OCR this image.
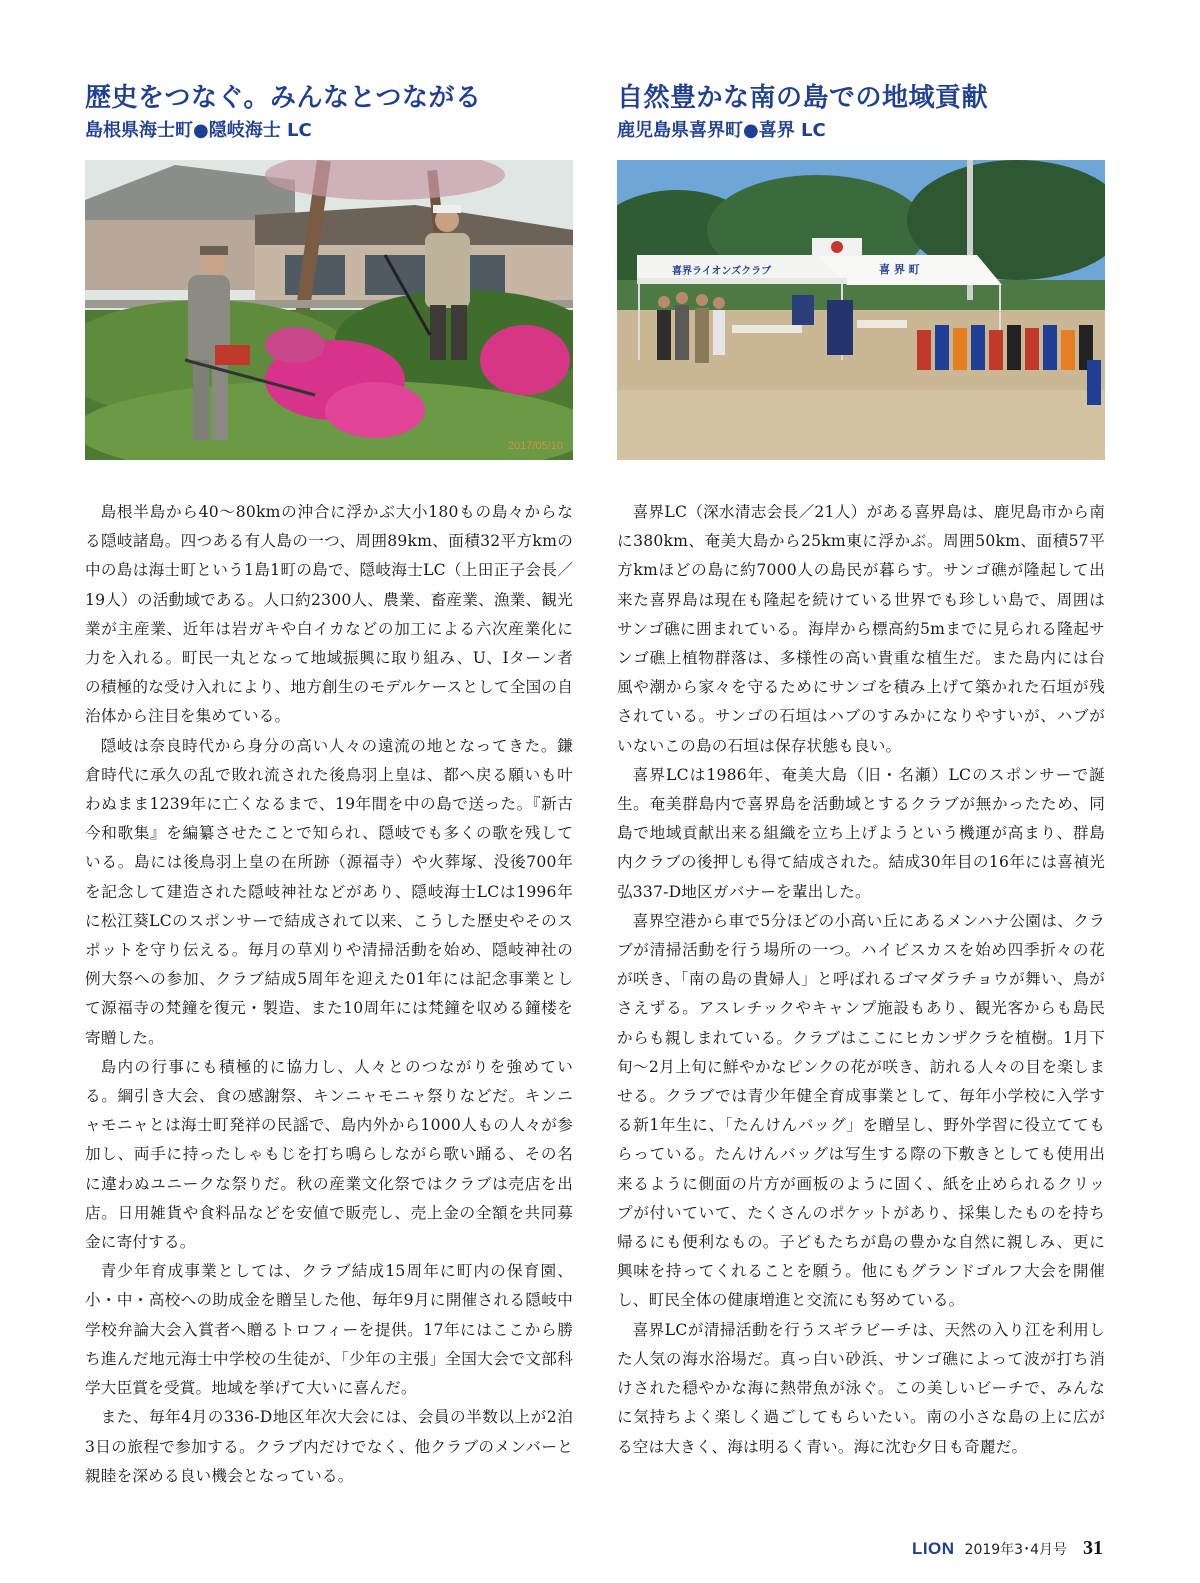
歴史をつなぐ。みんなとつながる
島根県海士町●隠岐海士 LC
2017/05/10

島根半島から40〜80kmの沖合に浮かぶ大小180もの島々からなる隠岐諸島。四つある有人島の一つ、周囲89km、面積32平方kmの中の島は海士町という1島1町の島で、隠岐海士LC（上田正子会長／19人）の活動域である。人口約2300人、農業、畜産業、漁業、観光業が主産業、近年は岩ガキや白イカなどの加工による六次産業化に力を入れる。町民一丸となって地域振興に取り組み、U、Iターン者の積極的な受け入れにより、地方創生のモデルケースとして全国の自治体から注目を集めている。

隠岐は奈良時代から身分の高い人々の遠流の地となってきた。鎌倉時代に承久の乱で敗れ流された後鳥羽上皇は、都へ戻る願いも叶わぬまま1239年に亡くなるまで、19年間を中の島で送った。『新古今和歌集』を編纂させたことで知られ、隠岐でも多くの歌を残している。島には後鳥羽上皇の在所跡（源福寺）や火葬塚、没後700年を記念して建造された隠岐神社などがあり、隠岐海士LCは1996年に松江葵LCのスポンサーで結成されて以来、こうした歴史やそのスポットを守り伝える。毎月の草刈りや清掃活動を始め、隠岐神社の例大祭への参加、クラブ結成5周年を迎えた01年には記念事業として源福寺の梵鐘を復元・製造、また10周年には梵鐘を収める鐘楼を寄贈した。

島内の行事にも積極的に協力し、人々とのつながりを強めている。綱引き大会、食の感謝祭、キンニャモニャ祭りなどだ。キンニャモニャとは海士町発祥の民謡で、島内外から1000人もの人々が参加し、両手に持ったしゃもじを打ち鳴らしながら歌い踊る、その名に違わぬユニークな祭りだ。秋の産業文化祭ではクラブは売店を出店。日用雑貨や食料品などを安値で販売し、売上金の全額を共同募金に寄付する。

青少年育成事業としては、クラブ結成15周年に町内の保育園、小・中・高校への助成金を贈呈した他、毎年9月に開催される隠岐中学校弁論大会入賞者へ贈るトロフィーを提供。17年にはここから勝ち進んだ地元海士中学校の生徒が、「少年の主張」全国大会で文部科学大臣賞を受賞。地域を挙げて大いに喜んだ。

また、毎年4月の336-D地区年次大会には、会員の半数以上が2泊3日の旅程で参加する。クラブ内だけでなく、他クラブのメンバーと親睦を深める良い機会となっている。

自然豊かな南の島での地域貢献
鹿児島県喜界町●喜界 LC
喜界ライオンズクラブ	喜 界 町

喜界LC（深水清志会長／21人）がある喜界島は、鹿児島市から南に380km、奄美大島から25km東に浮かぶ。周囲50km、面積57平方kmほどの島に約7000人の島民が暮らす。サンゴ礁が隆起して出来た喜界島は現在も隆起を続けている世界でも珍しい島で、周囲はサンゴ礁に囲まれている。海岸から標高約5mまでに見られる隆起サンゴ礁上植物群落は、多様性の高い貴重な植生だ。また島内には台風や潮から家々を守るためにサンゴを積み上げて築かれた石垣が残されている。サンゴの石垣はハブのすみかになりやすいが、ハブがいないこの島の石垣は保存状態も良い。

喜界LCは1986年、奄美大島（旧・名瀬）LCのスポンサーで誕生。奄美群島内で喜界島を活動域とするクラブが無かったため、同島で地域貢献出来る組織を立ち上げようという機運が高まり、群島内クラブの後押しも得て結成された。結成30年目の16年には喜禎光弘337-D地区ガバナーを輩出した。

喜界空港から車で5分ほどの小高い丘にあるメンハナ公園は、クラブが清掃活動を行う場所の一つ。ハイビスカスを始め四季折々の花が咲き、「南の島の貴婦人」と呼ばれるゴマダラチョウが舞い、鳥がさえずる。アスレチックやキャンプ施設もあり、観光客からも島民からも親しまれている。クラブはここにヒカンザクラを植樹。1月下旬〜2月上旬に鮮やかなピンクの花が咲き、訪れる人々の目を楽しませる。クラブでは青少年健全育成事業として、毎年小学校に入学する新1年生に、「たんけんバッグ」を贈呈し、野外学習に役立ててもらっている。たんけんバッグは写生する際の下敷きとしても使用出来るように側面の片方が画板のように固く、紙を止められるクリップが付いていて、たくさんのポケットがあり、採集したものを持ち帰るにも便利なもの。子どもたちが島の豊かな自然に親しみ、更に興味を持ってくれることを願う。他にもグランドゴルフ大会を開催し、町民全体の健康増進と交流にも努めている。

喜界LCが清掃活動を行うスギラビーチは、天然の入り江を利用した人気の海水浴場だ。真っ白い砂浜、サンゴ礁によって波が打ち消けされた穏やかな海に熱帯魚が泳ぐ。この美しいビーチで、みんなに気持ちよく楽しく過ごしてもらいたい。南の小さな島の上に広がる空は大きく、海は明るく青い。海に沈む夕日も奇麗だ。

LION 2019年3･4月号 31
